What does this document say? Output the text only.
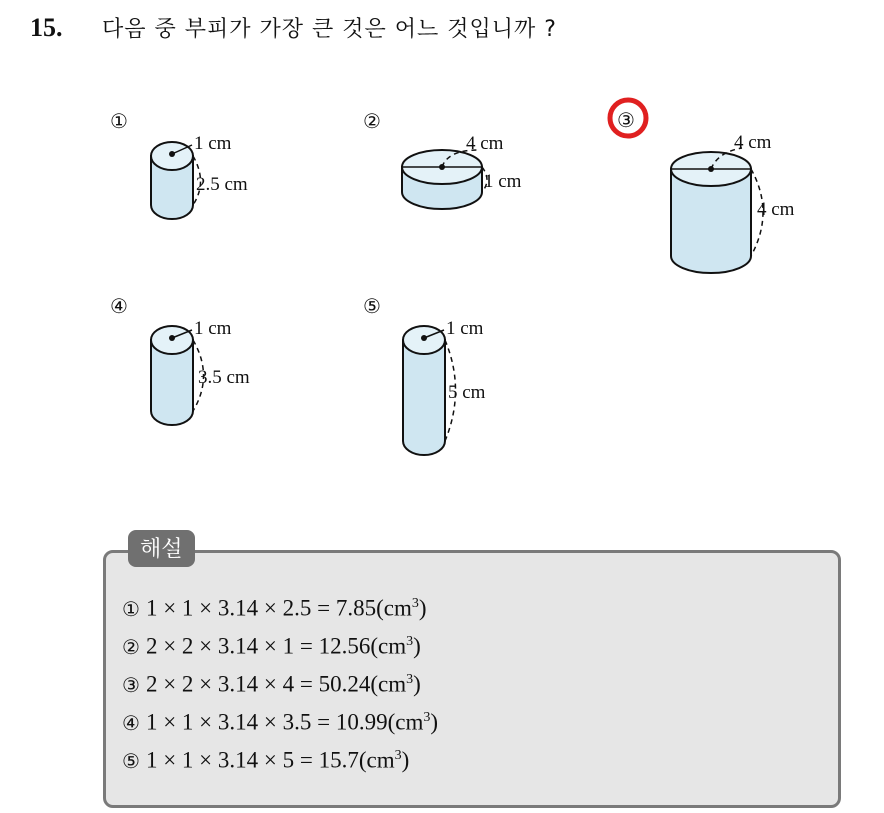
15.	다음 중 부피가 가장 큰 것은 어느 것입니까 ?
①
1 cm
2.5 cm
②
4 cm
1 cm
③
4 cm
4 cm
④
1 cm
3.5 cm
⑤
1 cm
5 cm
해설
① $1 \times 1 \times 3.14 \times 2.5 = 7.85(cm^3)$
② $2 \times 2 \times 3.14 \times 1 = 12.56(cm^3)$
③ $2 \times 2 \times 3.14 \times 4 = 50.24(cm^3)$
④ $1 \times 1 \times 3.14 \times 3.5 = 10.99(cm^3)$
⑤ $1 \times 1 \times 3.14 \times 5 = 15.7(cm^3)$
